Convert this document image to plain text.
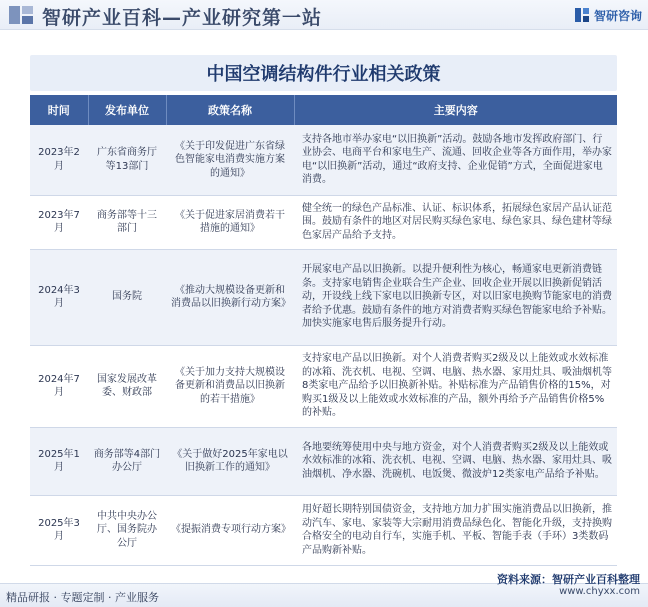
智研产业百科—产业研究第一站	智研咨询
中国空调结构件行业相关政策
时间	发布单位	政策名称	主要内容
2023年2月	广东省商务厅等13部门	《关于印发促进广东省绿色智能家电消费实施方案的通知》	支持各地市举办家电“以旧换新”活动。鼓励各地市发挥政府部门、行业协会、电商平台和家电生产、流通、回收企业等各方面作用，举办家电“以旧换新”活动，通过“政府支持、企业促销”方式，全面促进家电消费。
2023年7月	商务部等十三部门	《关于促进家居消费若干措施的通知》	健全统一的绿色产品标准、认证、标识体系，拓展绿色家居产品认证范围。鼓励有条件的地区对居民购买绿色家电、绿色家具、绿色建材等绿色家居产品给予支持。
2024年3月	国务院	《推动大规模设备更新和消费品以旧换新行动方案》	开展家电产品以旧换新。以提升便利性为核心，畅通家电更新消费链条。支持家电销售企业联合生产企业、回收企业开展以旧换新促销活动，开设线上线下家电以旧换新专区，对以旧家电换购节能家电的消费者给予优惠。鼓励有条件的地方对消费者购买绿色智能家电给予补贴。加快实施家电售后服务提升行动。
2024年7月	国家发展改革委、财政部	《关于加力支持大规模设备更新和消费品以旧换新的若干措施》	支持家电产品以旧换新。对个人消费者购买2级及以上能效或水效标准的冰箱、洗衣机、电视、空调、电脑、热水器、家用灶具、吸油烟机等8类家电产品给予以旧换新补贴。补贴标准为产品销售价格的15%，对购买1级及以上能效或水效标准的产品，额外再给予产品销售价格5%的补贴。
2025年1月	商务部等4部门办公厅	《关于做好2025年家电以旧换新工作的通知》	各地要统筹使用中央与地方资金，对个人消费者购买2级及以上能效或水效标准的冰箱、洗衣机、电视、空调、电脑、热水器、家用灶具、吸油烟机、净水器、洗碗机、电饭煲、微波炉12类家电产品给予补贴。
2025年3月	中共中央办公厅、国务院办公厅	《提振消费专项行动方案》	用好超长期特别国债资金，支持地方加力扩围实施消费品以旧换新，推动汽车、家电、家装等大宗耐用消费品绿色化、智能化升级，支持换购合格安全的电动自行车，实施手机、平板、智能手表（手环）3类数码产品购新补贴。
精品研报 · 专题定制 · 产业服务
资料来源：智研产业百科整理
www.chyxx.com
